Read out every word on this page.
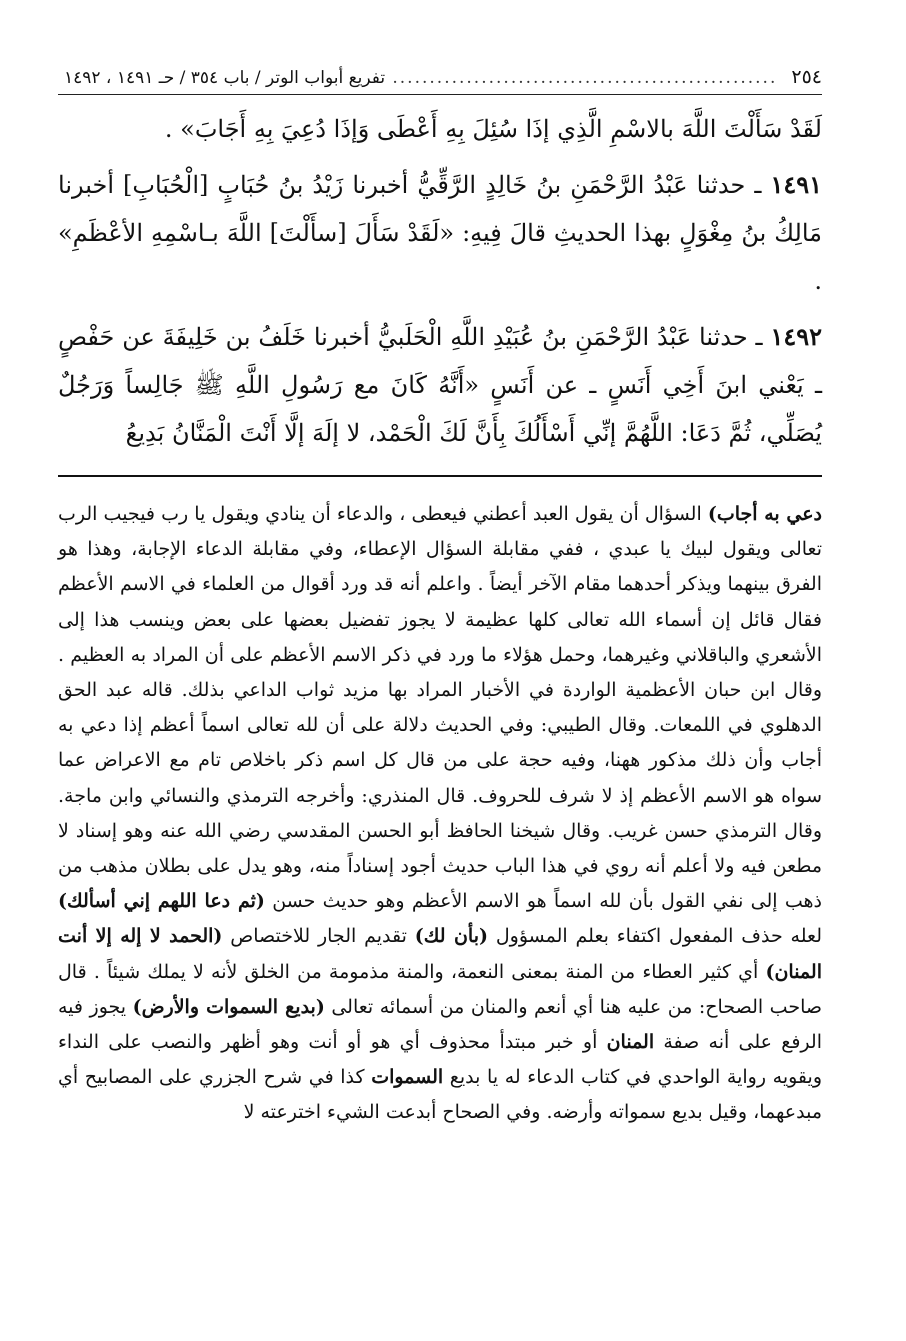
٢٥٤
.....
تفريع أبواب الوتر / باب ٣٥٤ / حـ ١٤٩١ ، ١٤٩٢

لَقَدْ سَأَلْتَ اللَّهَ بالاسْمِ الَّذِي إذَا سُئِلَ بِهِ أَعْطَى وَإذَا دُعِيَ بِهِ أَجَابَ» .

١٤٩١ ـ حدثنا عَبْدُ الرَّحْمَنِ بنُ خَالِدٍ الرَّقِّيُّ أخبرنا زَيْدُ بنُ حُبَابٍ [الْحُبَابِ] أخبرنا مَالِكُ بنُ مِغْوَلٍ بهذا الحديثِ قالَ فِيهِ: «لَقَدْ سَأَلَ [سأَلْتَ] اللَّهَ بـاسْمِهِ الأعْظَمِ» .

١٤٩٢ ـ حدثنا عَبْدُ الرَّحْمَنِ بنُ عُبَيْدِ اللَّهِ الْحَلَبيُّ أخبرنا خَلَفُ بن خَلِيفَةَ عن حَفْصٍ ـ يَعْني ابنَ أَخِي أَنَسٍ ـ عن أَنَسٍ «أَنَّهُ كَانَ مع رَسُولِ اللَّهِ ﷺ جَالِساً وَرَجُلٌ يُصَلِّي، ثُمَّ دَعَا: اللَّهُمَّ إنِّي أَسْأَلُكَ بِأَنَّ لَكَ الْحَمْد، لا إلَهَ إلَّا أَنْتَ الْمَنَّانُ بَدِيعُ

دعي به أجاب) السؤال أن يقول العبد أعطني فيعطى ، والدعاء أن ينادي ويقول يا رب فيجيب الرب تعالى ويقول لبيك يا عبدي ، ففي مقابلة السؤال الإعطاء، وفي مقابلة الدعاء الإجابة، وهذا هو الفرق بينهما ويذكر أحدهما مقام الآخر أيضاً . واعلم أنه قد ورد أقوال من العلماء في الاسم الأعظم فقال قائل إن أسماء الله تعالى كلها عظيمة لا يجوز تفضيل بعضها على بعض وينسب هذا إلى الأشعري والباقلاني وغيرهما، وحمل هؤلاء ما ورد في ذكر الاسم الأعظم على أن المراد به العظيم . وقال ابن حبان الأعظمية الواردة في الأخبار المراد بها مزيد ثواب الداعي بذلك. قاله عبد الحق الدهلوي في اللمعات. وقال الطيبي: وفي الحديث دلالة على أن لله تعالى اسماً أعظم إذا دعي به أجاب وأن ذلك مذكور ههنا، وفيه حجة على من قال كل اسم ذكر باخلاص تام مع الاعراض عما سواه هو الاسم الأعظم إذ لا شرف للحروف. قال المنذري: وأخرجه الترمذي والنسائي وابن ماجة. وقال الترمذي حسن غريب. وقال شيخنا الحافظ أبو الحسن المقدسي رضي الله عنه وهو إسناد لا مطعن فيه ولا أعلم أنه روي في هذا الباب حديث أجود إسناداً منه، وهو يدل على بطلان مذهب من ذهب إلى نفي القول بأن لله اسماً هو الاسم الأعظم وهو حديث حسن (ثم دعا اللهم إني أسألك) لعله حذف المفعول اكتفاء بعلم المسؤول (بأن لك) تقديم الجار للاختصاص (الحمد لا إله إلا أنت المنان) أي كثير العطاء من المنة بمعنى النعمة، والمنة مذمومة من الخلق لأنه لا يملك شيئاً . قال صاحب الصحاح: من عليه هنا أي أنعم والمنان من أسمائه تعالى (بديع السموات والأرض) يجوز فيه الرفع على أنه صفة المنان أو خبر مبتدأ محذوف أي هو أو أنت وهو أظهر والنصب على النداء ويقويه رواية الواحدي في كتاب الدعاء له يا بديع السموات كذا في شرح الجزري على المصابيح أي مبدعهما، وقيل بديع سمواته وأرضه. وفي الصحاح أبدعت الشيء اخترعته لا
